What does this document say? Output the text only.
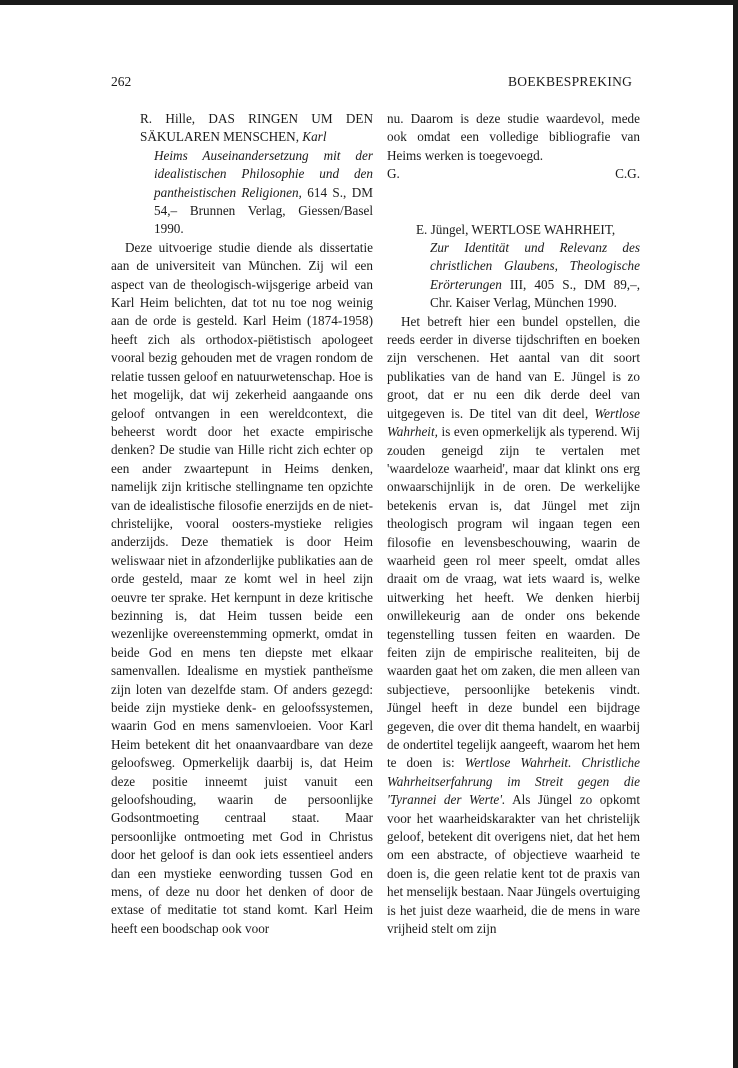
262	BOEKBESPREKING
R. Hille, DAS RINGEN UM DEN SÄKULAREN MENSCHEN, Karl
Heims Auseinandersetzung mit der idealistischen Philosophie und den pantheistischen Religionen, 614 S., DM 54,– Brunnen Verlag, Giessen/Basel 1990.

Deze uitvoerige studie diende als dissertatie aan de universiteit van München. Zij wil een aspect van de theologisch-wijsgerige arbeid van Karl Heim belichten, dat tot nu toe nog weinig aan de orde is gesteld. Karl Heim (1874-1958) heeft zich als orthodox-piëtistisch apologeet vooral bezig gehouden met de vragen rondom de relatie tussen geloof en natuurwetenschap. Hoe is het mogelijk, dat wij zekerheid aangaande ons geloof ontvangen in een wereldcontext, die beheerst wordt door het exacte empirische denken? De studie van Hille richt zich echter op een ander zwaartepunt in Heims denken, namelijk zijn kritische stellingname ten opzichte van de idealistische filosofie enerzijds en de niet-christelijke, vooral oosters-mystieke religies anderzijds. Deze thematiek is door Heim weliswaar niet in afzonderlijke publikaties aan de orde gesteld, maar ze komt wel in heel zijn oeuvre ter sprake. Het kernpunt in deze kritische bezinning is, dat Heim tussen beide een wezenlijke overeenstemming opmerkt, omdat in beide God en mens ten diepste met elkaar samenvallen. Idealisme en mystiek pantheïsme zijn loten van dezelfde stam. Of anders gezegd: beide zijn mystieke denk- en geloofssystemen, waarin God en mens samenvloeien. Voor Karl Heim betekent dit het onaanvaardbare van deze geloofsweg. Opmerkelijk daarbij is, dat Heim deze positie inneemt juist vanuit een geloofshouding, waarin de persoonlijke Godsontmoeting centraal staat. Maar persoonlijke ontmoeting met God in Christus door het geloof is dan ook iets essentieel anders dan een mystieke eenwording tussen God en mens, of deze nu door het denken of door de extase of meditatie tot stand komt. Karl Heim heeft een boodschap ook voor

nu. Daarom is deze studie waardevol, mede ook omdat een volledige bibliografie van Heims werken is toegevoegd.
G.	C.G.
E. Jüngel, WERTLOSE WAHRHEIT,
Zur Identität und Relevanz des christlichen Glaubens, Theologische Erörterungen III, 405 S., DM 89,–, Chr. Kaiser Verlag, München 1990.

Het betreft hier een bundel opstellen, die reeds eerder in diverse tijdschriften en boeken zijn verschenen. Het aantal van dit soort publikaties van de hand van E. Jüngel is zo groot, dat er nu een dik derde deel van uitgegeven is. De titel van dit deel, Wertlose Wahrheit, is even opmerkelijk als typerend. Wij zouden geneigd zijn te vertalen met 'waardeloze waarheid', maar dat klinkt ons erg onwaarschijnlijk in de oren. De werkelijke betekenis ervan is, dat Jüngel met zijn theologisch program wil ingaan tegen een filosofie en levensbeschouwing, waarin de waarheid geen rol meer speelt, omdat alles draait om de vraag, wat iets waard is, welke uitwerking het heeft. We denken hierbij onwillekeurig aan de onder ons bekende tegenstelling tussen feiten en waarden. De feiten zijn de empirische realiteiten, bij de waarden gaat het om zaken, die men alleen van subjectieve, persoonlijke betekenis vindt. Jüngel heeft in deze bundel een bijdrage gegeven, die over dit thema handelt, en waarbij de ondertitel tegelijk aangeeft, waarom het hem te doen is: Wertlose Wahrheit. Christliche Wahrheitserfahrung im Streit gegen die 'Tyrannei der Werte'. Als Jüngel zo opkomt voor het waarheidskarakter van het christelijk geloof, betekent dit overigens niet, dat het hem om een abstracte, of objectieve waarheid te doen is, die geen relatie kent tot de praxis van het menselijk bestaan. Naar Jüngels overtuiging is het juist deze waarheid, die de mens in ware vrijheid stelt om zijn
